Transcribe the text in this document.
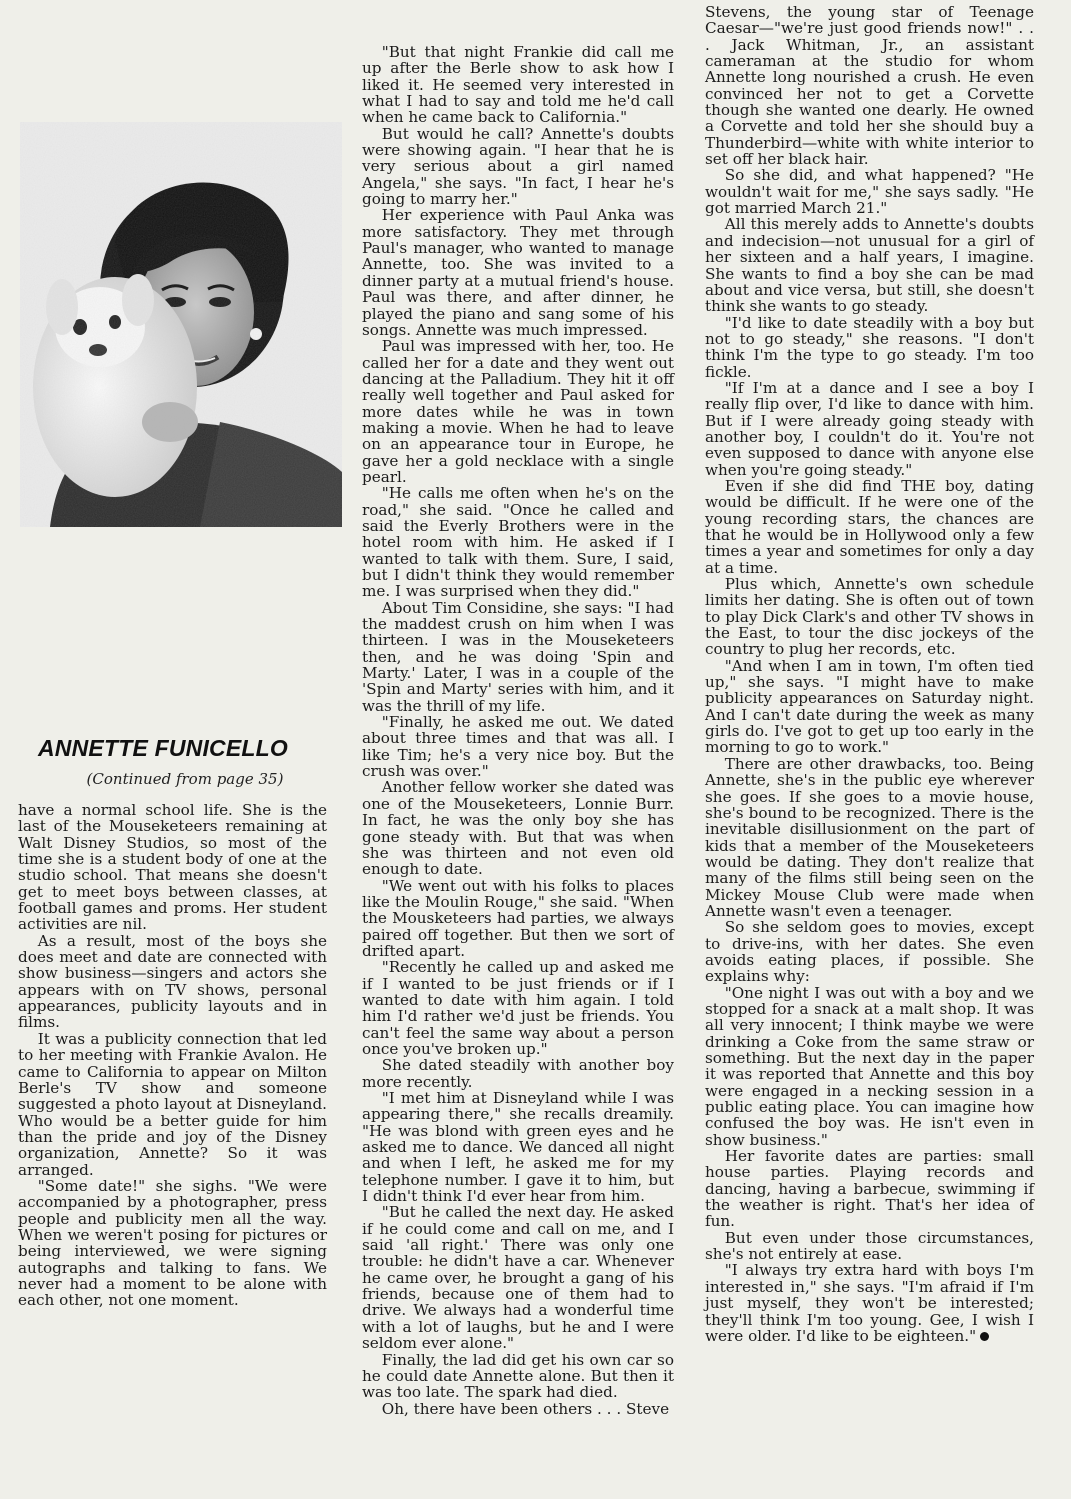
ANNETTE FUNICELLO
(Continued from page 35)

have a normal school life. She is the last of the Mouseketeers remaining at Walt Disney Studios, so most of the time she is a student body of one at the studio school. That means she doesn't get to meet boys between classes, at football games and proms. Her student activities are nil.

As a result, most of the boys she does meet and date are connected with show business—singers and actors she appears with on TV shows, personal appearances, publicity layouts and in films.

It was a publicity connection that led to her meeting with Frankie Avalon. He came to California to appear on Milton Berle's TV show and someone suggested a photo layout at Disneyland. Who would be a better guide for him than the pride and joy of the Disney organization, Annette? So it was arranged.

"Some date!" she sighs. "We were accompanied by a photographer, press people and publicity men all the way. When we weren't posing for pictures or being interviewed, we were signing autographs and talking to fans. We never had a moment to be alone with each other, not one moment.

"But that night Frankie did call me up after the Berle show to ask how I liked it. He seemed very interested in what I had to say and told me he'd call when he came back to California."

But would he call? Annette's doubts were showing again. "I hear that he is very serious about a girl named Angela," she says. "In fact, I hear he's going to marry her."

Her experience with Paul Anka was more satisfactory. They met through Paul's manager, who wanted to manage Annette, too. She was invited to a dinner party at a mutual friend's house. Paul was there, and after dinner, he played the piano and sang some of his songs. Annette was much impressed.

Paul was impressed with her, too. He called her for a date and they went out dancing at the Palladium. They hit it off really well together and Paul asked for more dates while he was in town making a movie. When he had to leave on an appearance tour in Europe, he gave her a gold necklace with a single pearl.

"He calls me often when he's on the road," she said. "Once he called and said the Everly Brothers were in the hotel room with him. He asked if I wanted to talk with them. Sure, I said, but I didn't think they would remember me. I was surprised when they did."

About Tim Considine, she says: "I had the maddest crush on him when I was thirteen. I was in the Mouseketeers then, and he was doing 'Spin and Marty.' Later, I was in a couple of the 'Spin and Marty' series with him, and it was the thrill of my life.

"Finally, he asked me out. We dated about three times and that was all. I like Tim; he's a very nice boy. But the crush was over."

Another fellow worker she dated was one of the Mouseketeers, Lonnie Burr. In fact, he was the only boy she has gone steady with. But that was when she was thirteen and not even old enough to date.

"We went out with his folks to places like the Moulin Rouge," she said. "When the Mousketeers had parties, we always paired off together. But then we sort of drifted apart.

"Recently he called up and asked me if I wanted to be just friends or if I wanted to date with him again. I told him I'd rather we'd just be friends. You can't feel the same way about a person once you've broken up."

She dated steadily with another boy more recently.

"I met him at Disneyland while I was appearing there," she recalls dreamily. "He was blond with green eyes and he asked me to dance. We danced all night and when I left, he asked me for my telephone number. I gave it to him, but I didn't think I'd ever hear from him.

"But he called the next day. He asked if he could come and call on me, and I said 'all right.' There was only one trouble: he didn't have a car. Whenever he came over, he brought a gang of his friends, because one of them had to drive. We always had a wonderful time with a lot of laughs, but he and I were seldom ever alone."

Finally, the lad did get his own car so he could date Annette alone. But then it was too late. The spark had died.

Oh, there have been others . . . Steve

Stevens, the young star of Teenage Caesar—"we're just good friends now!" . . . Jack Whitman, Jr., an assistant cameraman at the studio for whom Annette long nourished a crush. He even convinced her not to get a Corvette though she wanted one dearly. He owned a Corvette and told her she should buy a Thunderbird—white with white interior to set off her black hair.

So she did, and what happened? "He wouldn't wait for me," she says sadly. "He got married March 21."

All this merely adds to Annette's doubts and indecision—not unusual for a girl of her sixteen and a half years, I imagine. She wants to find a boy she can be mad about and vice versa, but still, she doesn't think she wants to go steady.

"I'd like to date steadily with a boy but not to go steady," she reasons. "I don't think I'm the type to go steady. I'm too fickle.

"If I'm at a dance and I see a boy I really flip over, I'd like to dance with him. But if I were already going steady with another boy, I couldn't do it. You're not even supposed to dance with anyone else when you're going steady."

Even if she did find THE boy, dating would be difficult. If he were one of the young recording stars, the chances are that he would be in Hollywood only a few times a year and sometimes for only a day at a time.

Plus which, Annette's own schedule limits her dating. She is often out of town to play Dick Clark's and other TV shows in the East, to tour the disc jockeys of the country to plug her records, etc.

"And when I am in town, I'm often tied up," she says. "I might have to make publicity appearances on Saturday night. And I can't date during the week as many girls do. I've got to get up too early in the morning to go to work."

There are other drawbacks, too. Being Annette, she's in the public eye wherever she goes. If she goes to a movie house, she's bound to be recognized. There is the inevitable disillusionment on the part of kids that a member of the Mouseketeers would be dating. They don't realize that many of the films still being seen on the Mickey Mouse Club were made when Annette wasn't even a teenager.

So she seldom goes to movies, except to drive-ins, with her dates. She even avoids eating places, if possible. She explains why:

"One night I was out with a boy and we stopped for a snack at a malt shop. It was all very innocent; I think maybe we were drinking a Coke from the same straw or something. But the next day in the paper it was reported that Annette and this boy were engaged in a necking session in a public eating place. You can imagine how confused the boy was. He isn't even in show business."

Her favorite dates are parties: small house parties. Playing records and dancing, having a barbecue, swimming if the weather is right. That's her idea of fun.

But even under those circumstances, she's not entirely at ease.

"I always try extra hard with boys I'm interested in," she says. "I'm afraid if I'm just myself, they won't be interested; they'll think I'm too young. Gee, I wish I were older. I'd like to be eighteen."
